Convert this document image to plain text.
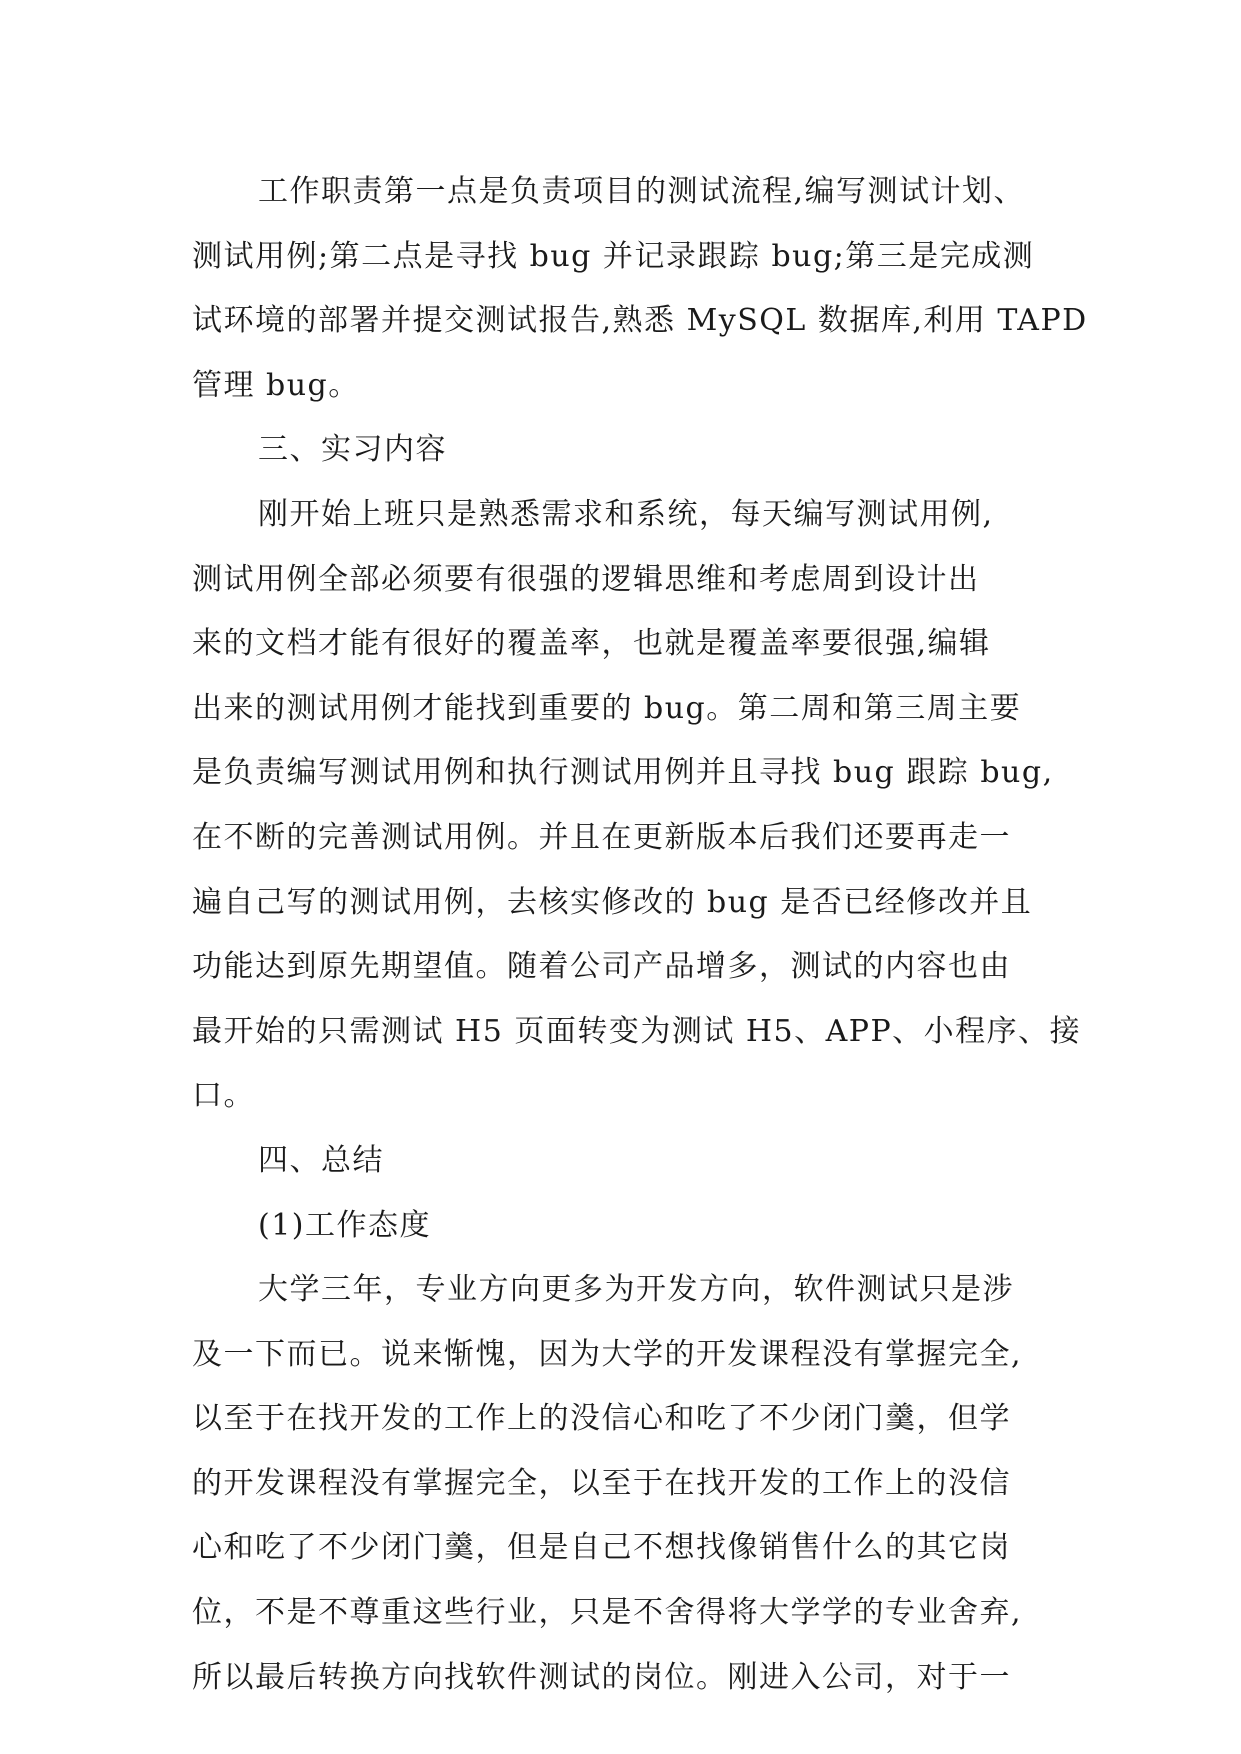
工作职责第一点是负责项目的测试流程,编写测试计划、
测试用例;第二点是寻找 bug 并记录跟踪 bug;第三是完成测
试环境的部署并提交测试报告,熟悉 MySQL 数据库,利用 TAPD
管理 bug。
三、实习内容
刚开始上班只是熟悉需求和系统，每天编写测试用例,
测试用例全部必须要有很强的逻辑思维和考虑周到设计出
来的文档才能有很好的覆盖率，也就是覆盖率要很强,编辑
出来的测试用例才能找到重要的 bug。第二周和第三周主要
是负责编写测试用例和执行测试用例并且寻找 bug 跟踪 bug,
在不断的完善测试用例。并且在更新版本后我们还要再走一
遍自己写的测试用例，去核实修改的 bug 是否已经修改并且
功能达到原先期望值。随着公司产品增多，测试的内容也由
最开始的只需测试 H5 页面转变为测试 H5、APP、小程序、接
口。
四、总结
(1)工作态度
大学三年，专业方向更多为开发方向，软件测试只是涉
及一下而已。说来惭愧，因为大学的开发课程没有掌握完全,
以至于在找开发的工作上的没信心和吃了不少闭门羹，但学
的开发课程没有掌握完全，以至于在找开发的工作上的没信
心和吃了不少闭门羹，但是自己不想找像销售什么的其它岗
位，不是不尊重这些行业，只是不舍得将大学学的专业舍弃,
所以最后转换方向找软件测试的岗位。刚进入公司，对于一
